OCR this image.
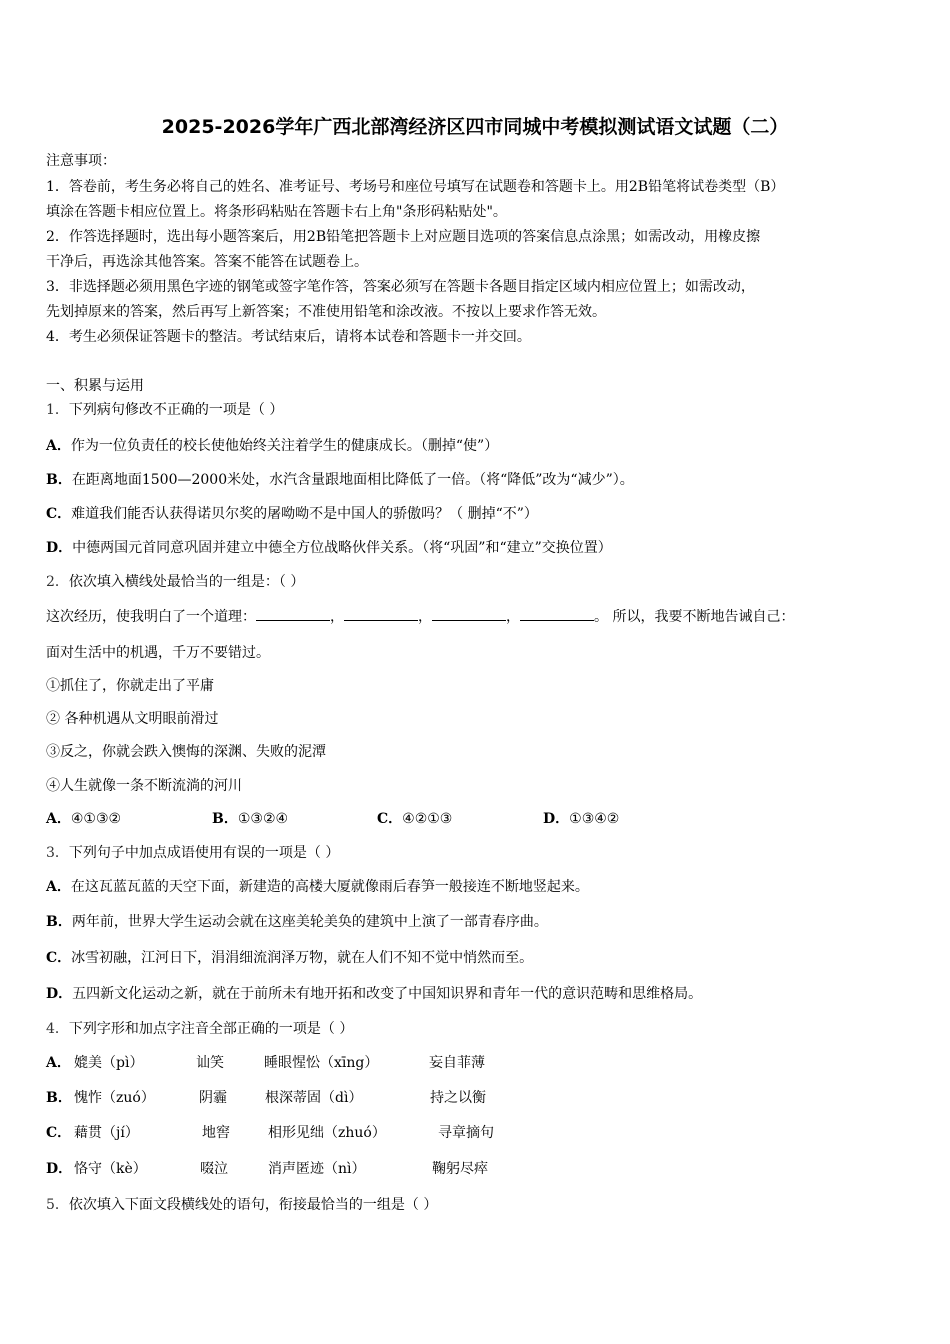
2025-2026学年广西北部湾经济区四市同城中考模拟测试语文试题（二）
注意事项：
1．答卷前，考生务必将自己的姓名、准考证号、考场号和座位号填写在试题卷和答题卡上。用2B铅笔将试卷类型（B）
填涂在答题卡相应位置上。将条形码粘贴在答题卡右上角"条形码粘贴处"。
2．作答选择题时，选出每小题答案后，用2B铅笔把答题卡上对应题目选项的答案信息点涂黑；如需改动，用橡皮擦
干净后，再选涂其他答案。答案不能答在试题卷上。
3．非选择题必须用黑色字迹的钢笔或签字笔作答，答案必须写在答题卡各题目指定区域内相应位置上；如需改动，
先划掉原来的答案，然后再写上新答案；不准使用铅笔和涂改液。不按以上要求作答无效。
4．考生必须保证答题卡的整洁。考试结束后，请将本试卷和答题卡一并交回。
一、积累与运用
1．下列病句修改不正确的一项是（ ）
A．作为一位负责任的校长使他始终关注着学生的健康成长。（删掉“使”）
B．在距离地面1500—2000米处，水汽含量跟地面相比降低了一倍。（将“降低”改为“减少”）。
C．难道我们能否认获得诺贝尔奖的屠呦呦不是中国人的骄傲吗？（ 删掉“不”）
D．中德两国元首同意巩固并建立中德全方位战略伙伴关系。（将“巩固”和“建立”交换位置）
2．依次填入横线处最恰当的一组是：（ ）
这次经历，使我明白了一个道理：	，	，	，	。 所以，我要不断地告诫自己：
面对生活中的机遇，千万不要错过。
①抓住了，你就走出了平庸
② 各种机遇从文明眼前滑过
③反之，你就会跌入懊悔的深渊、失败的泥潭
④人生就像一条不断流淌的河川
A．④①③②	B．①③②④	C．④②①③	D．①③④②
3．下列句子中加点成语使用有误的一项是（ ）
A．在这瓦蓝瓦蓝的天空下面，新建造的高楼大厦就像雨后春笋一般接连不断地竖起来。
B．两年前，世界大学生运动会就在这座美轮美奂的建筑中上演了一部青春序曲。
C．冰雪初融，江河日下，涓涓细流润泽万物，就在人们不知不觉中悄然而至。
D．五四新文化运动之新，就在于前所未有地开拓和改变了中国知识界和青年一代的意识范畴和思维格局。
4．下列字形和加点字注音全部正确的一项是（ ）
A． 媲美（pì）	讪笑	睡眼惺忪（xīng）	妄自菲薄
B． 愧怍（zuó）	阴霾	根深蒂固（dì）	持之以衡
C． 藉贯（jí）	地窖	相形见绌（zhuó）	寻章摘句
D． 恪守（kè）	啜泣	消声匿迹（nì）	鞠躬尽瘁
5．依次填入下面文段横线处的语句，衔接最恰当的一组是（ ）
